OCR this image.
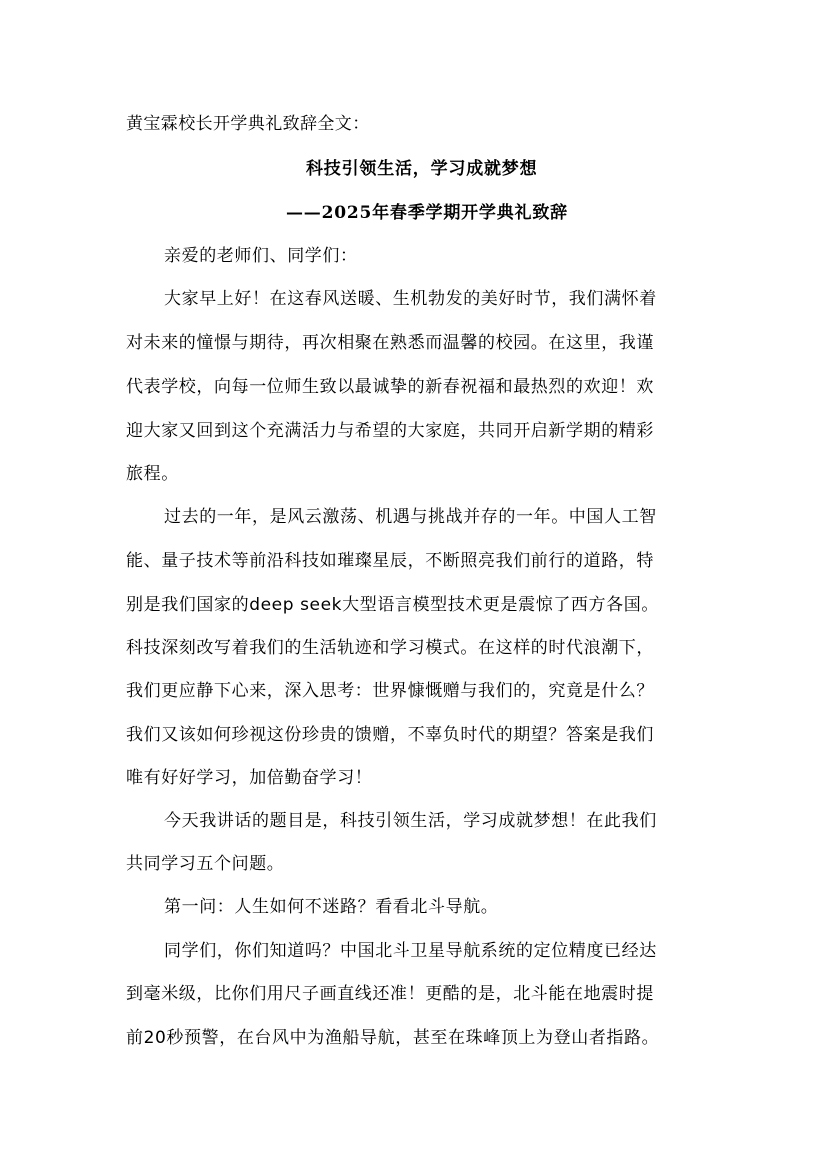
黄宝霖校长开学典礼致辞全文：
科技引领生活，学习成就梦想
——2025年春季学期开学典礼致辞
亲爱的老师们、同学们：
大家早上好！在这春风送暖、生机勃发的美好时节，我们满怀着
对未来的憧憬与期待，再次相聚在熟悉而温馨的校园。在这里，我谨
代表学校，向每一位师生致以最诚挚的新春祝福和最热烈的欢迎！欢
迎大家又回到这个充满活力与希望的大家庭，共同开启新学期的精彩
旅程。
过去的一年，是风云激荡、机遇与挑战并存的一年。中国人工智
能、量子技术等前沿科技如璀璨星辰，不断照亮我们前行的道路，特
别是我们国家的deep seek大型语言模型技术更是震惊了西方各国。
科技深刻改写着我们的生活轨迹和学习模式。在这样的时代浪潮下，
我们更应静下心来，深入思考：世界慷慨赠与我们的，究竟是什么？
我们又该如何珍视这份珍贵的馈赠，不辜负时代的期望？答案是我们
唯有好好学习，加倍勤奋学习！
今天我讲话的题目是，科技引领生活，学习成就梦想！在此我们
共同学习五个问题。
第一问：人生如何不迷路？看看北斗导航。
同学们，你们知道吗？中国北斗卫星导航系统的定位精度已经达
到毫米级，比你们用尺子画直线还准！更酷的是，北斗能在地震时提
前20秒预警，在台风中为渔船导航，甚至在珠峰顶上为登山者指路。
